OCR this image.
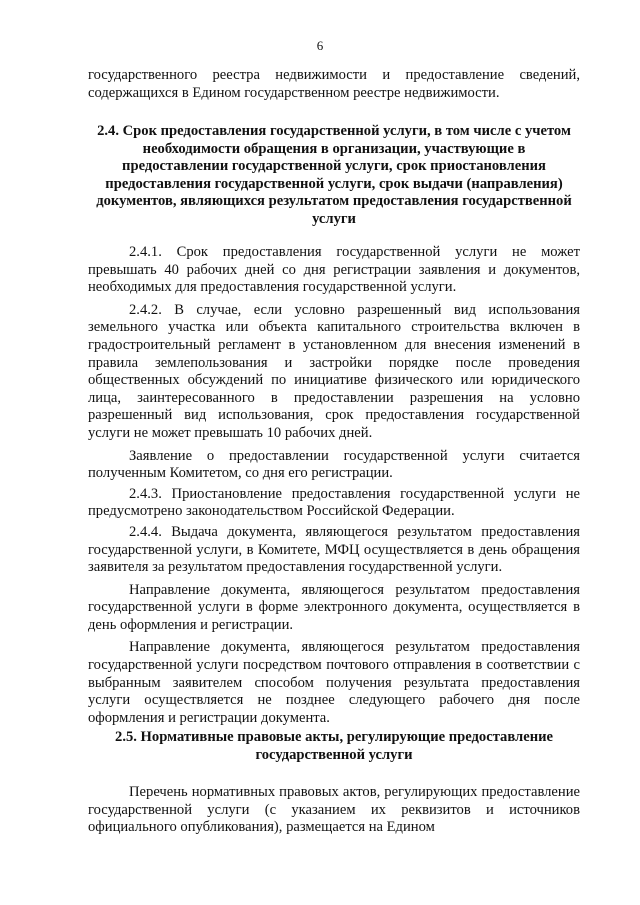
6

государственного реестра недвижимости и предоставление сведений, содержащихся в Едином государственном реестре недвижимости.

2.4. Срок предоставления государственной услуги, в том числе с учетом необходимости обращения в организации, участвующие в предоставлении государственной услуги, срок приостановления предоставления государственной услуги, срок выдачи (направления) документов, являющихся результатом предоставления государственной услуги

2.4.1. Срок предоставления государственной услуги не может превышать 40 рабочих дней со дня регистрации заявления и документов, необходимых для предоставления государственной услуги.

2.4.2. В случае, если условно разрешенный вид использования земельного участка или объекта капитального строительства включен в градостроительный регламент в установленном для внесения изменений в правила землепользования и застройки порядке после проведения общественных обсуждений по инициативе физического или юридического лица, заинтересованного в предоставлении разрешения на условно разрешенный вид использования, срок предоставления государственной услуги не может превышать 10 рабочих дней.

Заявление о предоставлении государственной услуги считается полученным Комитетом, со дня его регистрации.

2.4.3. Приостановление предоставления государственной услуги не предусмотрено законодательством Российской Федерации.

2.4.4. Выдача документа, являющегося результатом предоставления государственной услуги, в Комитете, МФЦ осуществляется в день обращения заявителя за результатом предоставления государственной услуги.

Направление документа, являющегося результатом предоставления государственной услуги в форме электронного документа, осуществляется в день оформления и регистрации.

Направление документа, являющегося результатом предоставления государственной услуги посредством почтового отправления в соответствии с выбранным заявителем способом получения результата предоставления услуги осуществляется не позднее следующего рабочего дня после оформления и регистрации документа.

2.5. Нормативные правовые акты, регулирующие предоставление государственной услуги

Перечень нормативных правовых актов, регулирующих предоставление государственной услуги (с указанием их реквизитов и источников официального опубликования), размещается на Едином
